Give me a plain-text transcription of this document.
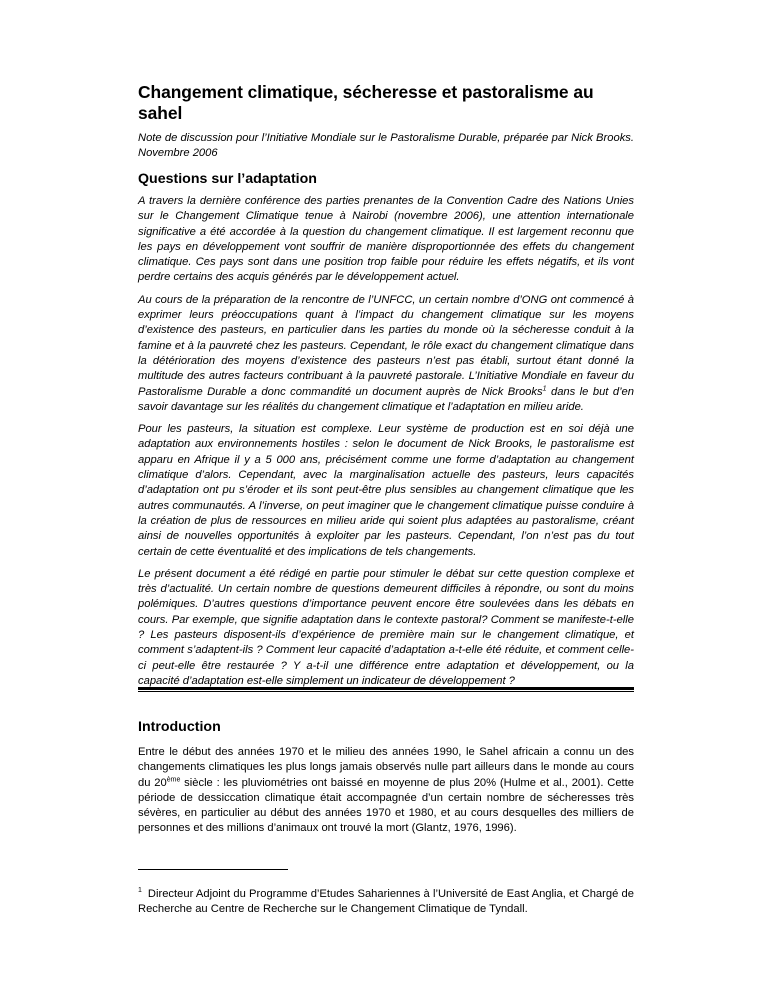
Changement climatique, sécheresse et pastoralisme au sahel

Note de discussion pour l’Initiative Mondiale sur le Pastoralisme Durable, préparée par Nick Brooks. Novembre 2006

Questions sur l’adaptation

A travers la dernière conférence des parties prenantes de la Convention Cadre des Nations Unies sur le Changement Climatique tenue à Nairobi (novembre 2006), une attention internationale significative a été accordée à la question du changement climatique. Il est largement reconnu que les pays en développement vont souffrir de manière disproportionnée des effets du changement climatique. Ces pays sont dans une position trop faible pour réduire les effets négatifs, et ils vont perdre certains des acquis générés par le développement actuel.

Au cours de la préparation de la rencontre de l’UNFCC, un certain nombre d’ONG ont commencé à exprimer leurs préoccupations quant à l’impact du changement climatique sur les moyens d’existence des pasteurs, en particulier dans les parties du monde où la sécheresse conduit à la famine et à la pauvreté chez les pasteurs. Cependant, le rôle exact du changement climatique dans la détérioration des moyens d’existence des pasteurs n’est pas établi, surtout étant donné la multitude des autres facteurs contribuant à la pauvreté pastorale. L’Initiative Mondiale en faveur du Pastoralisme Durable a donc commandité un document auprès de Nick Brooks$^1$ dans le but d’en savoir davantage sur les réalités du changement climatique et l’adaptation en milieu aride.

Pour les pasteurs, la situation est complexe. Leur système de production est en soi déjà une adaptation aux environnements hostiles : selon le document de Nick Brooks, le pastoralisme est apparu en Afrique il y a 5 000 ans, précisément comme une forme d’adaptation au changement climatique d’alors. Cependant, avec la marginalisation actuelle des pasteurs, leurs capacités d’adaptation ont pu s’éroder et ils sont peut-être plus sensibles au changement climatique que les autres communautés. A l’inverse, on peut imaginer que le changement climatique puisse conduire à la création de plus de ressources en milieu aride qui soient plus adaptées au pastoralisme, créant ainsi de nouvelles opportunités à exploiter par les pasteurs. Cependant, l’on n’est pas du tout certain de cette éventualité et des implications de tels changements.

Le présent document a été rédigé en partie pour stimuler le débat sur cette question complexe et très d’actualité. Un certain nombre de questions demeurent difficiles à répondre, ou sont du moins polémiques. D’autres questions d’importance peuvent encore être soulevées dans les débats en cours. Par exemple, que signifie adaptation dans le contexte pastoral? Comment se manifeste-t-elle ? Les pasteurs disposent-ils d’expérience de première main sur le changement climatique, et comment s’adaptent-ils ? Comment leur capacité d’adaptation a-t-elle été réduite, et comment celle-ci peut-elle être restaurée ? Y a-t-il une différence entre adaptation et développement, ou la capacité d’adaptation est-elle simplement un indicateur de développement ?

Introduction

Entre le début des années 1970 et le milieu des années 1990, le Sahel africain a connu un des changements climatiques les plus longs jamais observés nulle part ailleurs dans le monde au cours du 20ème siècle : les pluviométries ont baissé en moyenne de plus 20% (Hulme et al., 2001). Cette période de dessiccation climatique était accompagnée d’un certain nombre de sécheresses très sévères, en particulier au début des années 1970 et 1980, et au cours desquelles des milliers de personnes et des millions d’animaux ont trouvé la mort (Glantz, 1976, 1996).

$^1$ Directeur Adjoint du Programme d’Etudes Sahariennes à l’Université de East Anglia, et Chargé de Recherche au Centre de Recherche sur le Changement Climatique de Tyndall.
